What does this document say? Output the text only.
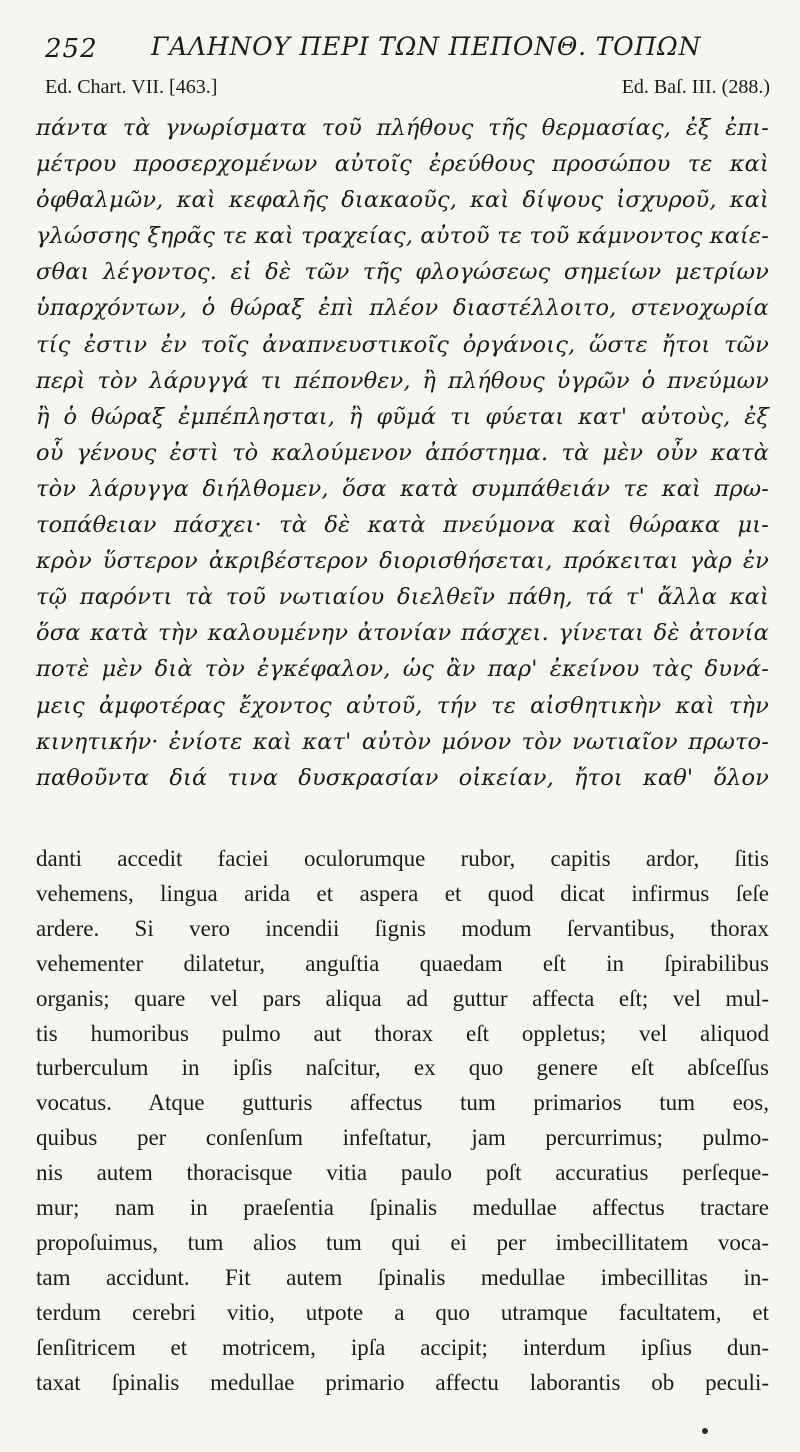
252 ΓΑΛΗΝΟΥ ΠΕΡΙ ΤΩΝ ΠΕΠΟΝΘ. ΤΟΠΩΝ
Ed. Chart. VII. [463.]	Ed. Baſ. III. (288.)
πάντα τὰ γνωρίσματα τοῦ πλήθους τῆς θερμασίας, ἐξ ἐπι-
μέτρου προσερχομένων αὐτοῖς ἐρεύθους προσώπου τε καὶ
ὀφθαλμῶν, καὶ κεφαλῆς διακαοῦς, καὶ δίψους ἰσχυροῦ, καὶ
γλώσσης ξηρᾶς τε καὶ τραχείας, αὐτοῦ τε τοῦ κάμνοντος καίε-
σθαι λέγοντος. εἰ δὲ τῶν τῆς φλογώσεως σημείων μετρίων
ὑπαρχόντων, ὁ θώραξ ἐπὶ πλέον διαστέλλοιτο, στενοχωρία
τίς ἐστιν ἐν τοῖς ἀναπνευστικοῖς ὀργάνοις, ὥστε ἤτοι τῶν
περὶ τὸν λάρυγγά τι πέπονθεν, ἢ πλήθους ὑγρῶν ὁ πνεύμων
ἢ ὁ θώραξ ἐμπέπλησται, ἢ φῦμά τι φύεται κατ' αὐτοὺς, ἐξ
οὗ γένους ἐστὶ τὸ καλούμενον ἀπόστημα. τὰ μὲν οὖν κατὰ
τὸν λάρυγγα διήλθομεν, ὅσα κατὰ συμπάθειάν τε καὶ πρω-
τοπάθειαν πάσχει· τὰ δὲ κατὰ πνεύμονα καὶ θώρακα μι-
κρὸν ὕστερον ἀκριβέστερον διορισθήσεται, πρόκειται γὰρ ἐν
τῷ παρόντι τὰ τοῦ νωτιαίου διελθεῖν πάθη, τά τ' ἄλλα καὶ
ὅσα κατὰ τὴν καλουμένην ἀτονίαν πάσχει. γίνεται δὲ ἀτονία
ποτὲ μὲν διὰ τὸν ἐγκέφαλον, ὡς ἂν παρ' ἐκείνου τὰς δυνά-
μεις ἀμφοτέρας ἔχοντος αὐτοῦ, τήν τε αἰσθητικὴν καὶ τὴν
κινητικήν· ἐνίοτε καὶ κατ' αὐτὸν μόνον τὸν νωτιαῖον πρωτο-
παθοῦντα διά τινα δυσκρασίαν οἰκείαν, ἤτοι καθ' ὅλον
danti accedit faciei oculorumque rubor, capitis ardor, ſitis
vehemens, lingua arida et aspera et quod dicat infirmus ſeſe
ardere. Si vero incendii ſignis modum ſervantibus, thorax
vehementer dilatetur, anguſtia quaedam eſt in ſpirabilibus
organis; quare vel pars aliqua ad guttur affecta eſt; vel mul-
tis humoribus pulmo aut thorax eſt oppletus; vel aliquod
turberculum in ipſis naſcitur, ex quo genere eſt abſceſſus
vocatus. Atque gutturis affectus tum primarios tum eos,
quibus per conſenſum infeſtatur, jam percurrimus; pulmo-
nis autem thoracisque vitia paulo poſt accuratius perſeque-
mur; nam in praeſentia ſpinalis medullae affectus tractare
propoſuimus, tum alios tum qui ei per imbecillitatem voca-
tam accidunt. Fit autem ſpinalis medullae imbecillitas in-
terdum cerebri vitio, utpote a quo utramque facultatem, et
ſenſitricem et motricem, ipſa accipit; interdum ipſius dun-
taxat ſpinalis medullae primario affectu laborantis ob peculi-
